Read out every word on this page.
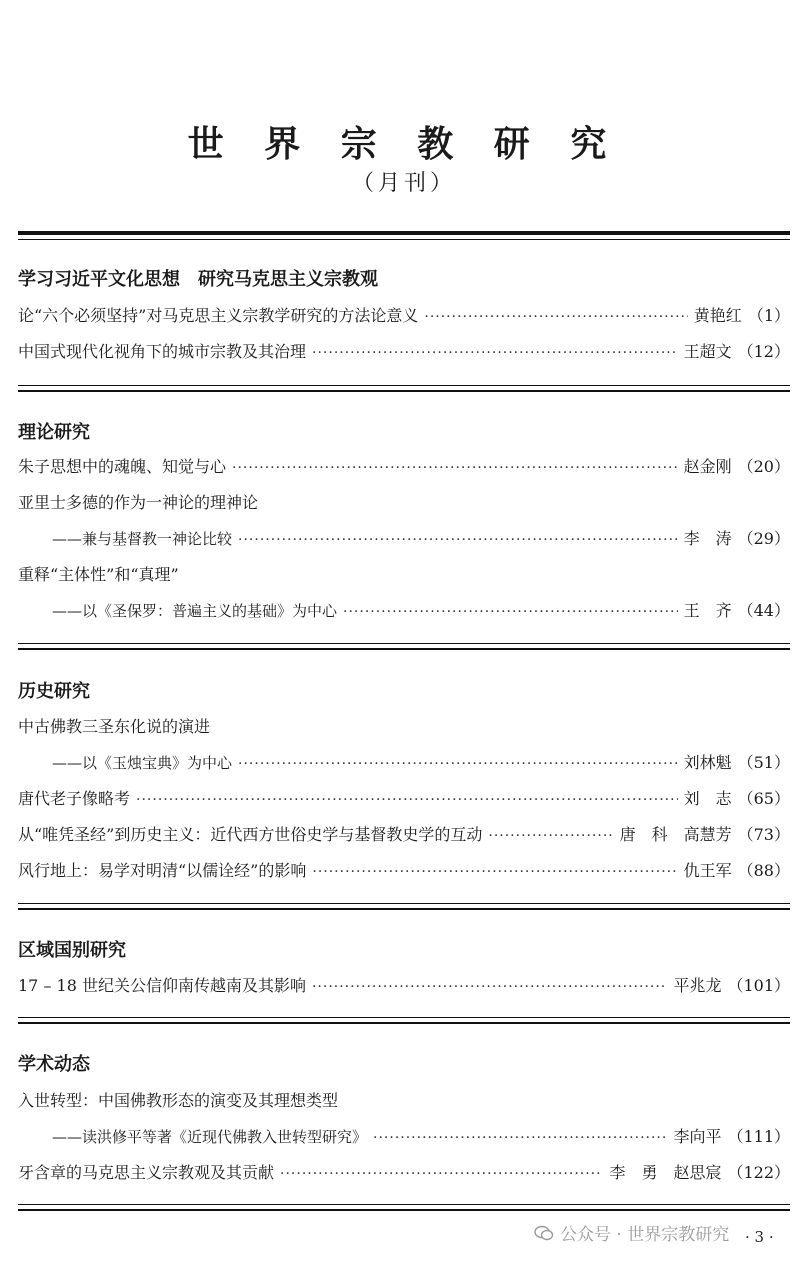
世 界 宗 教 研 究
（月刊）
学习习近平文化思想　研究马克思主义宗教观
论“六个必须坚持”对马克思主义宗教学研究的方法论意义 ·····	黄艳红 （1）
中国式现代化视角下的城市宗教及其治理 ·····	王超文 （12）
理论研究
朱子思想中的魂魄、知觉与心 ·····	赵金刚 （20）
亚里士多德的作为一神论的理神论
——兼与基督教一神论比较 ·····	李　涛 （29）
重释“主体性”和“真理”
——以《圣保罗：普遍主义的基础》为中心 ·····	王　齐 （44）
历史研究
中古佛教三圣东化说的演进
——以《玉烛宝典》为中心 ·····	刘林魁 （51）
唐代老子像略考 ·····	刘　志 （65）
从“唯凭圣经”到历史主义：近代西方世俗史学与基督教史学的互动 ·····	唐　科　高慧芳 （73）
风行地上：易学对明清“以儒诠经”的影响 ·····	仇王军 （88）
区域国别研究
17 – 18 世纪关公信仰南传越南及其影响 ·····	平兆龙 （101）
学术动态
入世转型：中国佛教形态的演变及其理想类型
——读洪修平等著《近现代佛教入世转型研究》 ·····	李向平 （111）
牙含章的马克思主义宗教观及其贡献 ·····	李　勇　赵思宸 （122）
公众号 · 世界宗教研究 · 3 ·
